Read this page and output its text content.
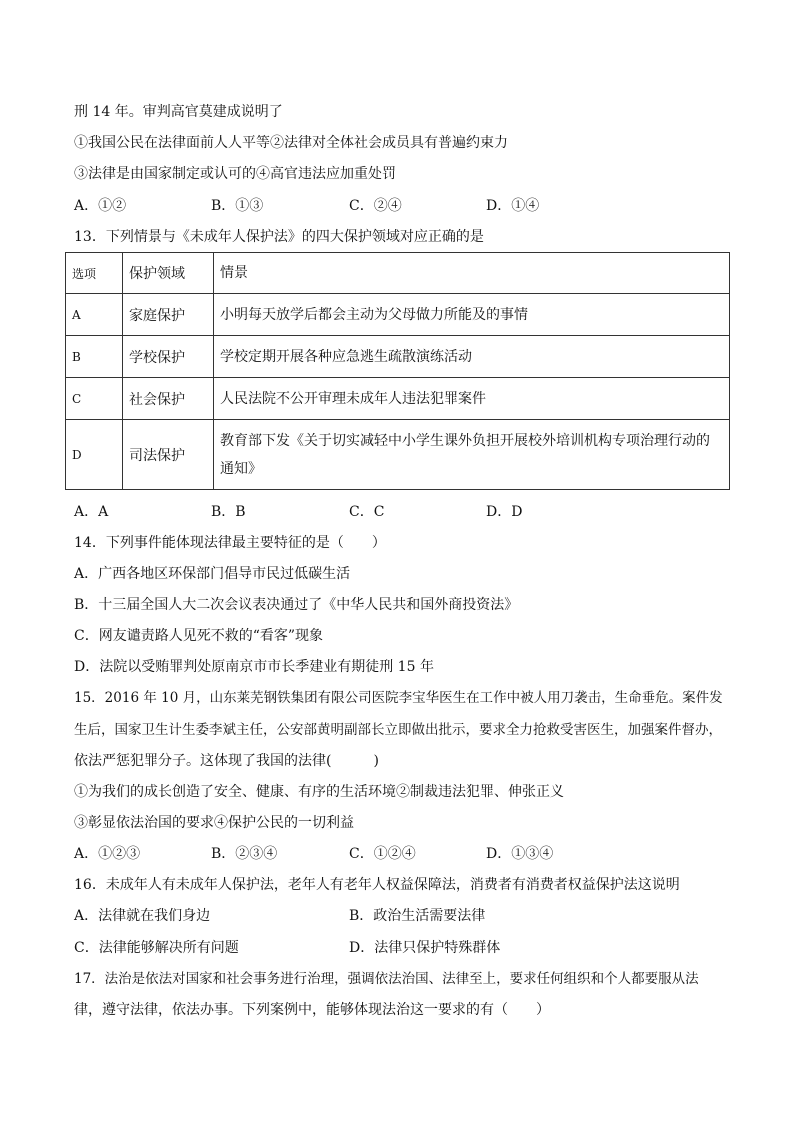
刑 14 年。审判高官莫建成说明了
①我国公民在法律面前人人平等②法律对全体社会成员具有普遍约束力
③法律是由国家制定或认可的④高官违法应加重处罚
A．①②	B．①③	C．②④	D．①④
13．下列情景与《未成年人保护法》的四大保护领域对应正确的是
选项	保护领域	情景
A	家庭保护	小明每天放学后都会主动为父母做力所能及的事情
B	学校保护	学校定期开展各种应急逃生疏散演练活动
C	社会保护	人民法院不公开审理未成年人违法犯罪案件
D	司法保护	教育部下发《关于切实减轻中小学生课外负担开展校外培训机构专项治理行动的通知》
A．A	B．B	C．C	D．D
14．下列事件能体现法律最主要特征的是（　　）
A．广西各地区环保部门倡导市民过低碳生活
B．十三届全国人大二次会议表决通过了《中华人民共和国外商投资法》
C．网友谴责路人见死不救的“看客”现象
D．法院以受贿罪判处原南京市市长季建业有期徒刑 15 年
15．2016 年 10 月，山东莱芜钢铁集团有限公司医院李宝华医生在工作中被人用刀袭击，生命垂危。案件发
生后，国家卫生计生委李斌主任，公安部黄明副部长立即做出批示，要求全力抢救受害医生，加强案件督办，
依法严惩犯罪分子。这体现了我国的法律(　　　)
①为我们的成长创造了安全、健康、有序的生活环境②制裁违法犯罪、伸张正义
③彰显依法治国的要求④保护公民的一切利益
A．①②③	B．②③④	C．①②④	D．①③④
16．未成年人有未成年人保护法，老年人有老年人权益保障法，消费者有消费者权益保护法这说明
A．法律就在我们身边	B．政治生活需要法律
C．法律能够解决所有问题	D．法律只保护特殊群体
17．法治是依法对国家和社会事务进行治理，强调依法治国、法律至上，要求任何组织和个人都要服从法
律，遵守法律，依法办事。下列案例中，能够体现法治这一要求的有（　　）
